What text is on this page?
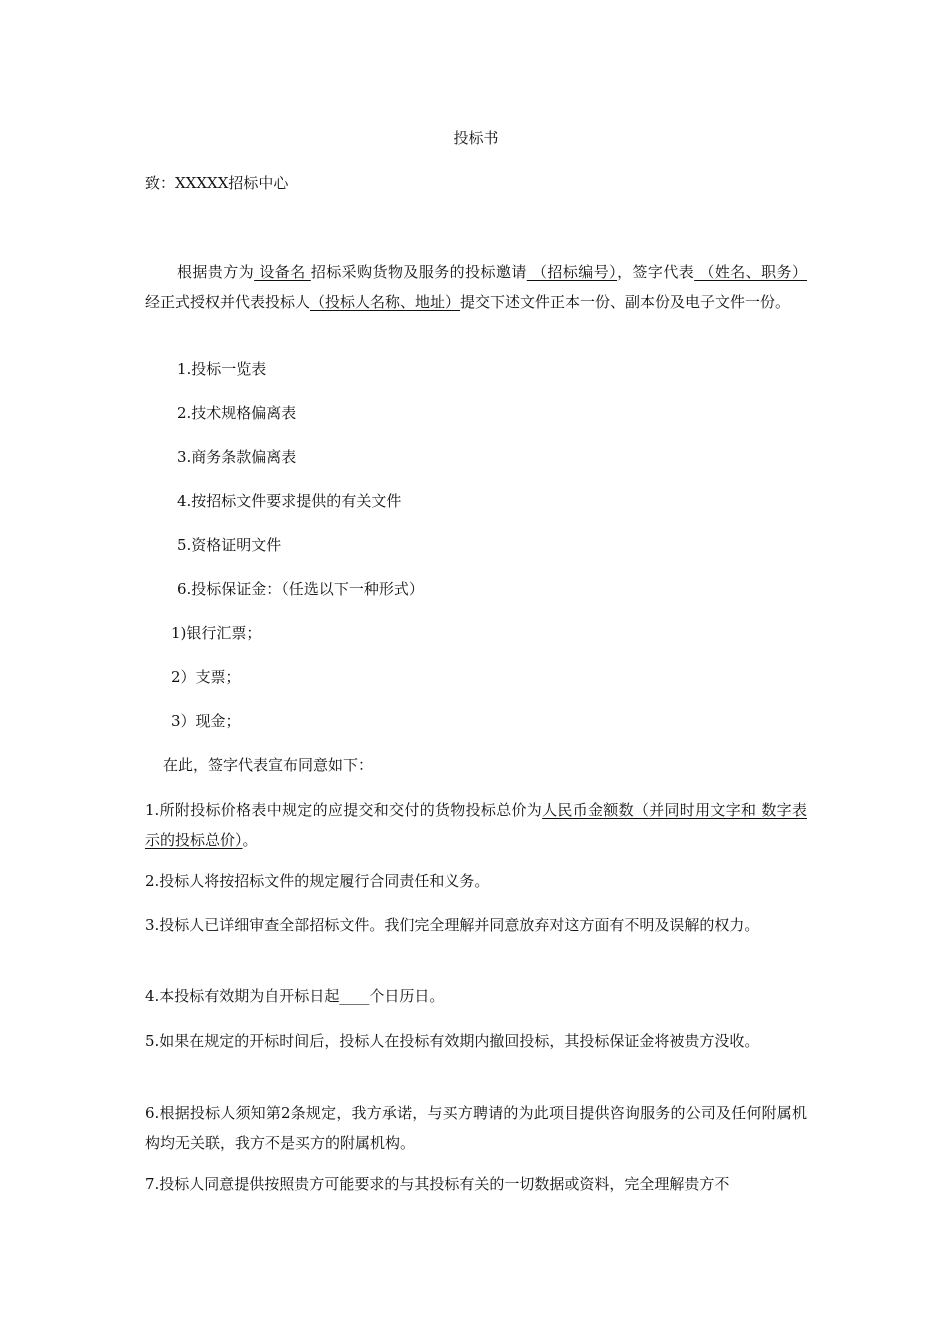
投标书
致：XXXXX招标中心
根据贵方为 设备名 招标采购货物及服务的投标邀请 （招标编号），签字代表 （姓名、职务） 经正式授权并代表投标人（投标人名称、地址）提交下述文件正本一份、副本份及电子文件一份。
1.投标一览表
2.技术规格偏离表
3.商务条款偏离表
4.按招标文件要求提供的有关文件
5.资格证明文件
6.投标保证金：（任选以下一种形式）
1)银行汇票；
2）支票；
3）现金；
在此，签字代表宣布同意如下：
1.所附投标价格表中规定的应提交和交付的货物投标总价为人民币金额数（并同时用文字和 数字表示的投标总价）。
2.投标人将按招标文件的规定履行合同责任和义务。
3.投标人已详细审查全部招标文件。我们完全理解并同意放弃对这方面有不明及误解的权力。
4.本投标有效期为自开标日起____个日历日。
5.如果在规定的开标时间后，投标人在投标有效期内撤回投标，其投标保证金将被贵方没收。
6.根据投标人须知第2条规定，我方承诺，与买方聘请的为此项目提供咨询服务的公司及任何附属机构均无关联，我方不是买方的附属机构。
7.投标人同意提供按照贵方可能要求的与其投标有关的一切数据或资料，完全理解贵方不
